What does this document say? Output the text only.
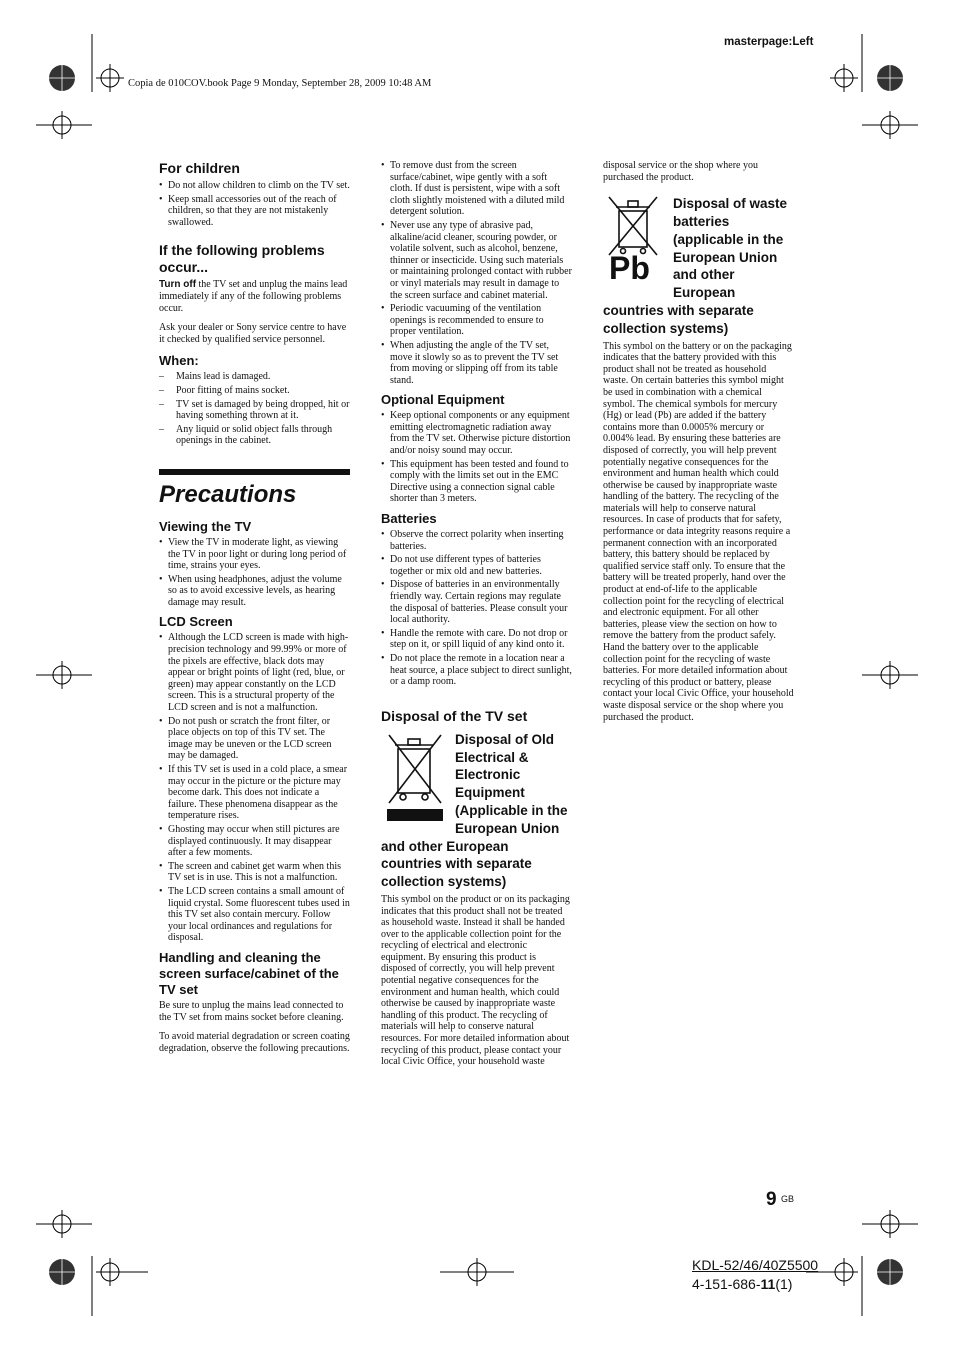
Copia de 010COV.book Page 9 Monday, September 28, 2009 10:48 AM
masterpage:Left
For children
• Do not allow children to climb on the TV set.
• Keep small accessories out of the reach of children, so that they are not mistakenly swallowed.
If the following problems occur...

Turn off the TV set and unplug the mains lead immediately if any of the following problems occur.

Ask your dealer or Sony service centre to have it checked by qualified service personnel.

When:
– Mains lead is damaged.
– Poor fitting of mains socket.
– TV set is damaged by being dropped, hit or having something thrown at it.
– Any liquid or solid object falls through openings in the cabinet.
Precautions
Viewing the TV
• View the TV in moderate light, as viewing the TV in poor light or during long period of time, strains your eyes.
• When using headphones, adjust the volume so as to avoid excessive levels, as hearing damage may result.
LCD Screen
• Although the LCD screen is made with high-precision technology and 99.99% or more of the pixels are effective, black dots may appear or bright points of light (red, blue, or green) may appear constantly on the LCD screen. This is a structural property of the LCD screen and is not a malfunction.
• Do not push or scratch the front filter, or place objects on top of this TV set. The image may be uneven or the LCD screen may be damaged.
• If this TV set is used in a cold place, a smear may occur in the picture or the picture may become dark. This does not indicate a failure. These phenomena disappear as the temperature rises.
• Ghosting may occur when still pictures are displayed continuously. It may disappear after a few moments.
• The screen and cabinet get warm when this TV set is in use. This is not a malfunction.
• The LCD screen contains a small amount of liquid crystal. Some fluorescent tubes used in this TV set also contain mercury. Follow your local ordinances and regulations for disposal.
Handling and cleaning the screen surface/cabinet of the TV set

Be sure to unplug the mains lead connected to the TV set from mains socket before cleaning.

To avoid material degradation or screen coating degradation, observe the following precautions.

• To remove dust from the screen surface/cabinet, wipe gently with a soft cloth. If dust is persistent, wipe with a soft cloth slightly moistened with a diluted mild detergent solution.
• Never use any type of abrasive pad, alkaline/acid cleaner, scouring powder, or volatile solvent, such as alcohol, benzene, thinner or insecticide. Using such materials or maintaining prolonged contact with rubber or vinyl materials may result in damage to the screen surface and cabinet material.
• Periodic vacuuming of the ventilation openings is recommended to ensure to proper ventilation.
• When adjusting the angle of the TV set, move it slowly so as to prevent the TV set from moving or slipping off from its table stand.
Optional Equipment
• Keep optional components or any equipment emitting electromagnetic radiation away from the TV set. Otherwise picture distortion and/or noisy sound may occur.
• This equipment has been tested and found to comply with the limits set out in the EMC Directive using a connection signal cable shorter than 3 meters.
Batteries
• Observe the correct polarity when inserting batteries.
• Do not use different types of batteries together or mix old and new batteries.
• Dispose of batteries in an environmentally friendly way. Certain regions may regulate the disposal of batteries. Please consult your local authority.
• Handle the remote with care. Do not drop or step on it, or spill liquid of any kind onto it.
• Do not place the remote in a location near a heat source, a place subject to direct sunlight, or a damp room.
Disposal of the TV set
Disposal of Old Electrical & Electronic Equipment (Applicable in the European Union and other European countries with separate collection systems)

This symbol on the product or on its packaging indicates that this product shall not be treated as household waste. Instead it shall be handed over to the applicable collection point for the recycling of electrical and electronic equipment. By ensuring this product is disposed of correctly, you will help prevent potential negative consequences for the environment and human health, which could otherwise be caused by inappropriate waste handling of this product. The recycling of materials will help to conserve natural resources. For more detailed information about recycling of this product, please contact your local Civic Office, your household waste

disposal service or the shop where you purchased the product.

Pb
Disposal of waste batteries (applicable in the European Union and other European countries with separate collection systems)

This symbol on the battery or on the packaging indicates that the battery provided with this product shall not be treated as household waste. On certain batteries this symbol might be used in combination with a chemical symbol. The chemical symbols for mercury (Hg) or lead (Pb) are added if the battery contains more than 0.0005% mercury or 0.004% lead. By ensuring these batteries are disposed of correctly, you will help prevent potentially negative consequences for the environment and human health which could otherwise be caused by inappropriate waste handling of the battery. The recycling of the materials will help to conserve natural resources. In case of products that for safety, performance or data integrity reasons require a permanent connection with an incorporated battery, this battery should be replaced by qualified service staff only. To ensure that the battery will be treated properly, hand over the product at end-of-life to the applicable collection point for the recycling of electrical and electronic equipment. For all other batteries, please view the section on how to remove the battery from the product safely. Hand the battery over to the applicable collection point for the recycling of waste batteries. For more detailed information about recycling of this product or battery, please contact your local Civic Office, your household waste disposal service or the shop where you purchased the product.

9 GB
KDL-52/46/40Z5500
4-151-686-11(1)
